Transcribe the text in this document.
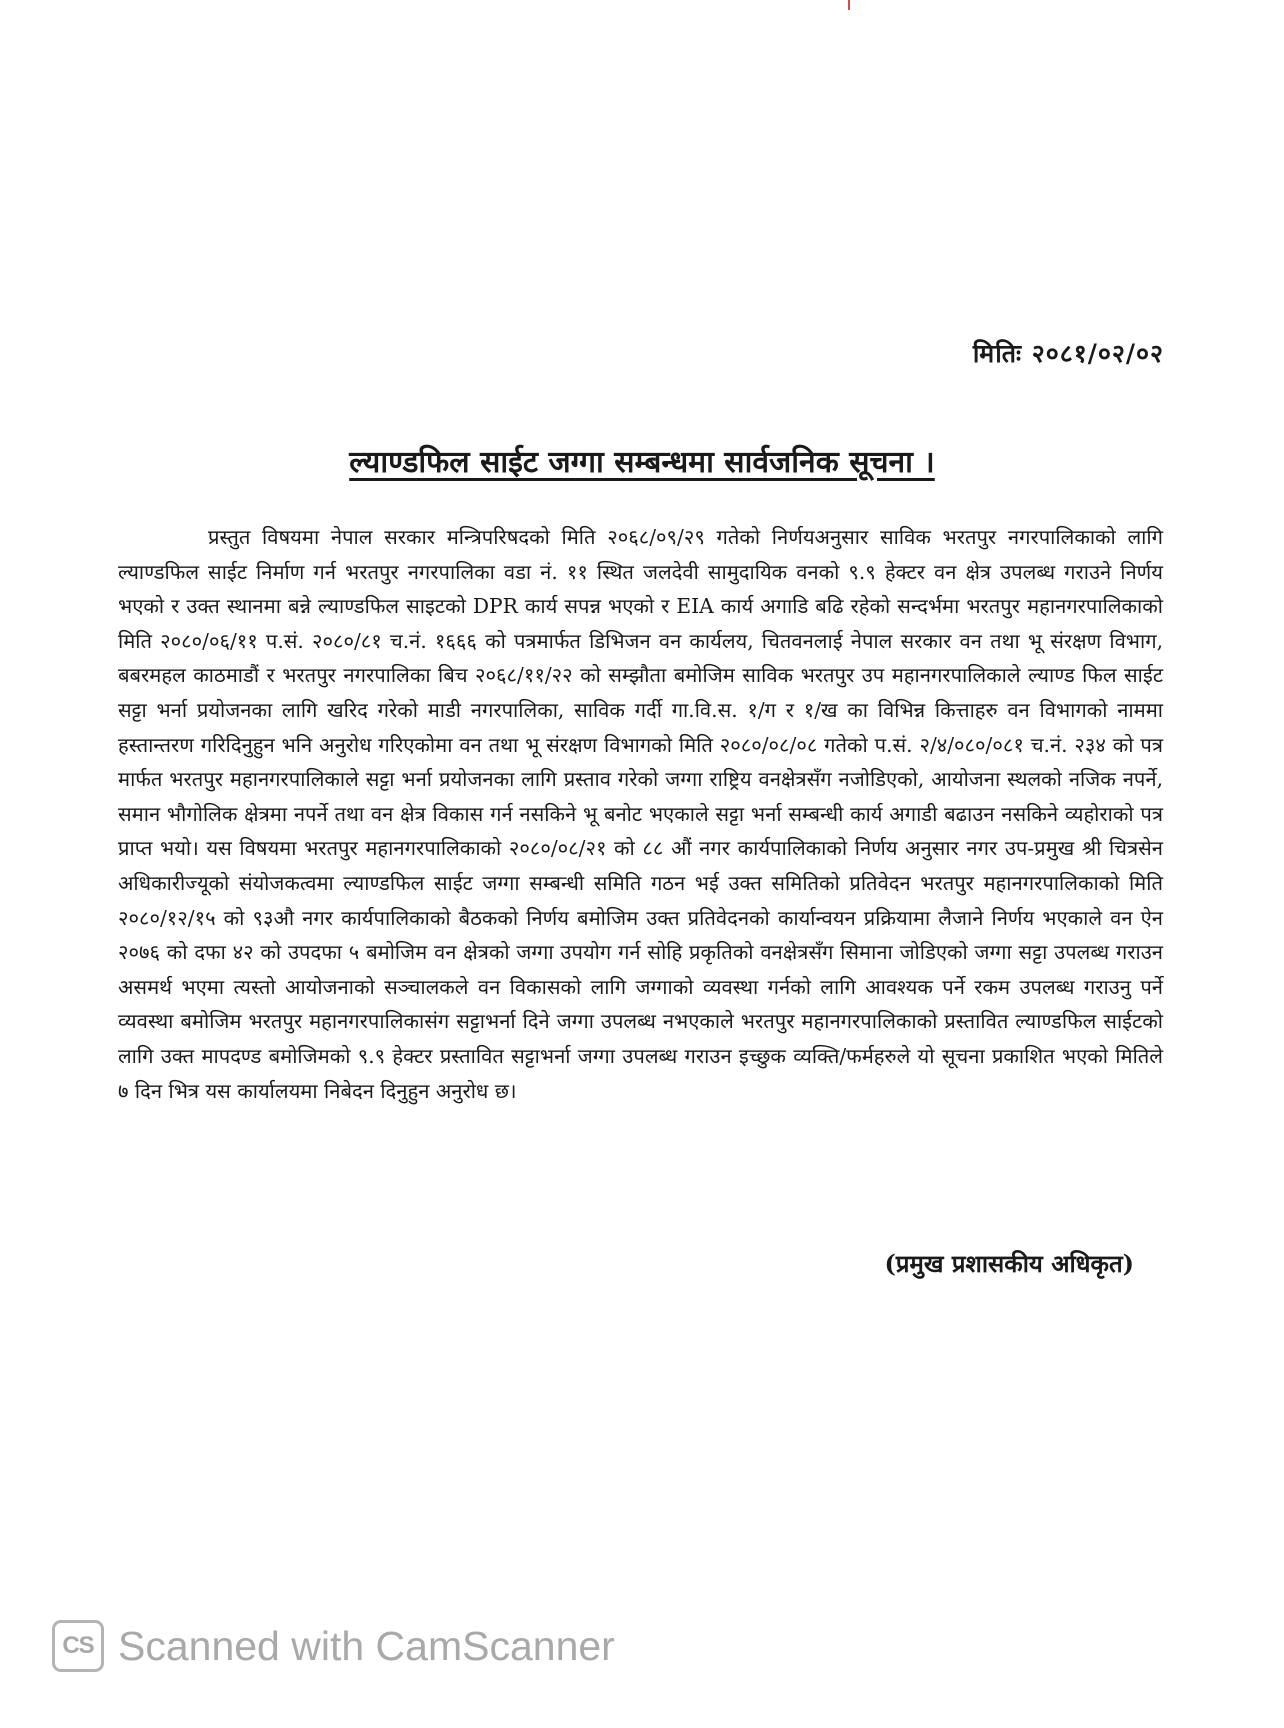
मितिः २०८१/०२/०२
ल्याण्डफिल साईट जग्गा सम्बन्धमा सार्वजनिक सूचना ।

प्रस्तुत विषयमा नेपाल सरकार मन्त्रिपरिषदको मिति २०६८/०९/२९ गतेको निर्णयअनुसार साविक भरतपुर नगरपालिकाको लागि ल्याण्डफिल साईट निर्माण गर्न भरतपुर नगरपालिका वडा नं. ११ स्थित जलदेवी सामुदायिक वनको ९.९ हेक्टर वन क्षेत्र उपलब्ध गराउने निर्णय भएको र उक्त स्थानमा बन्ने ल्याण्डफिल साइटको DPR कार्य सपन्न भएको र EIA कार्य अगाडि बढि रहेको सन्दर्भमा भरतपुर महानगरपालिकाको मिति २०८०/०६/११ प.सं. २०८०/८१ च.नं. १६६६ को पत्रमार्फत डिभिजन वन कार्यलय, चितवनलाई नेपाल सरकार वन तथा भू संरक्षण विभाग, बबरमहल काठमाडौं र भरतपुर नगरपालिका बिच २०६८/११/२२ को सम्झौता बमोजिम साविक भरतपुर उप महानगरपालिकाले ल्याण्ड फिल साईट सट्टा भर्ना प्रयोजनका लागि खरिद गरेको माडी नगरपालिका, साविक गर्दी गा.वि.स. १/ग र १/ख का विभिन्न कित्ताहरु वन विभागको नाममा हस्तान्तरण गरिदिनुहुन भनि अनुरोध गरिएकोमा वन तथा भू संरक्षण विभागको मिति २०८०/०८/०८ गतेको प.सं. २/४/०८०/०८१ च.नं. २३४ को पत्र मार्फत भरतपुर महानगरपालिकाले सट्टा भर्ना प्रयोजनका लागि प्रस्ताव गरेको जग्गा राष्ट्रिय वनक्षेत्रसँग नजोडिएको, आयोजना स्थलको नजिक नपर्ने, समान भौगोलिक क्षेत्रमा नपर्ने तथा वन क्षेत्र विकास गर्न नसकिने भू बनोट भएकाले सट्टा भर्ना सम्बन्धी कार्य अगाडी बढाउन नसकिने व्यहोराको पत्र प्राप्त भयो। यस विषयमा भरतपुर महानगरपालिकाको २०८०/०८/२१ को ८८ औं नगर कार्यपालिकाको निर्णय अनुसार नगर उप-प्रमुख श्री चित्रसेन अधिकारीज्यूको संयोजकत्वमा ल्याण्डफिल साईट जग्गा सम्बन्धी समिति गठन भई उक्त समितिको प्रतिवेदन भरतपुर महानगरपालिकाको मिति २०८०/१२/१५ को ९३औ नगर कार्यपालिकाको बैठकको निर्णय बमोजिम उक्त प्रतिवेदनको कार्यान्वयन प्रक्रियामा लैजाने निर्णय भएकाले वन ऐन २०७६ को दफा ४२ को उपदफा ५ बमोजिम वन क्षेत्रको जग्गा उपयोग गर्न सोहि प्रकृतिको वनक्षेत्रसँग सिमाना जोडिएको जग्गा सट्टा उपलब्ध गराउन असमर्थ भएमा त्यस्तो आयोजनाको सञ्चालकले वन विकासको लागि जग्गाको व्यवस्था गर्नको लागि आवश्यक पर्ने रकम उपलब्ध गराउनु पर्ने व्यवस्था बमोजिम भरतपुर महानगरपालिकासंग सट्टाभर्ना दिने जग्गा उपलब्ध नभएकाले भरतपुर महानगरपालिकाको प्रस्तावित ल्याण्डफिल साईटको लागि उक्त मापदण्ड बमोजिमको ९.९ हेक्टर प्रस्तावित सट्टाभर्ना जग्गा उपलब्ध गराउन इच्छुक व्यक्ति/फर्महरुले यो सूचना प्रकाशित भएको मितिले ७ दिन भित्र यस कार्यालयमा निबेदन दिनुहुन अनुरोध छ।

(प्रमुख प्रशासकीय अधिकृत)
CS Scanned with CamScanner
